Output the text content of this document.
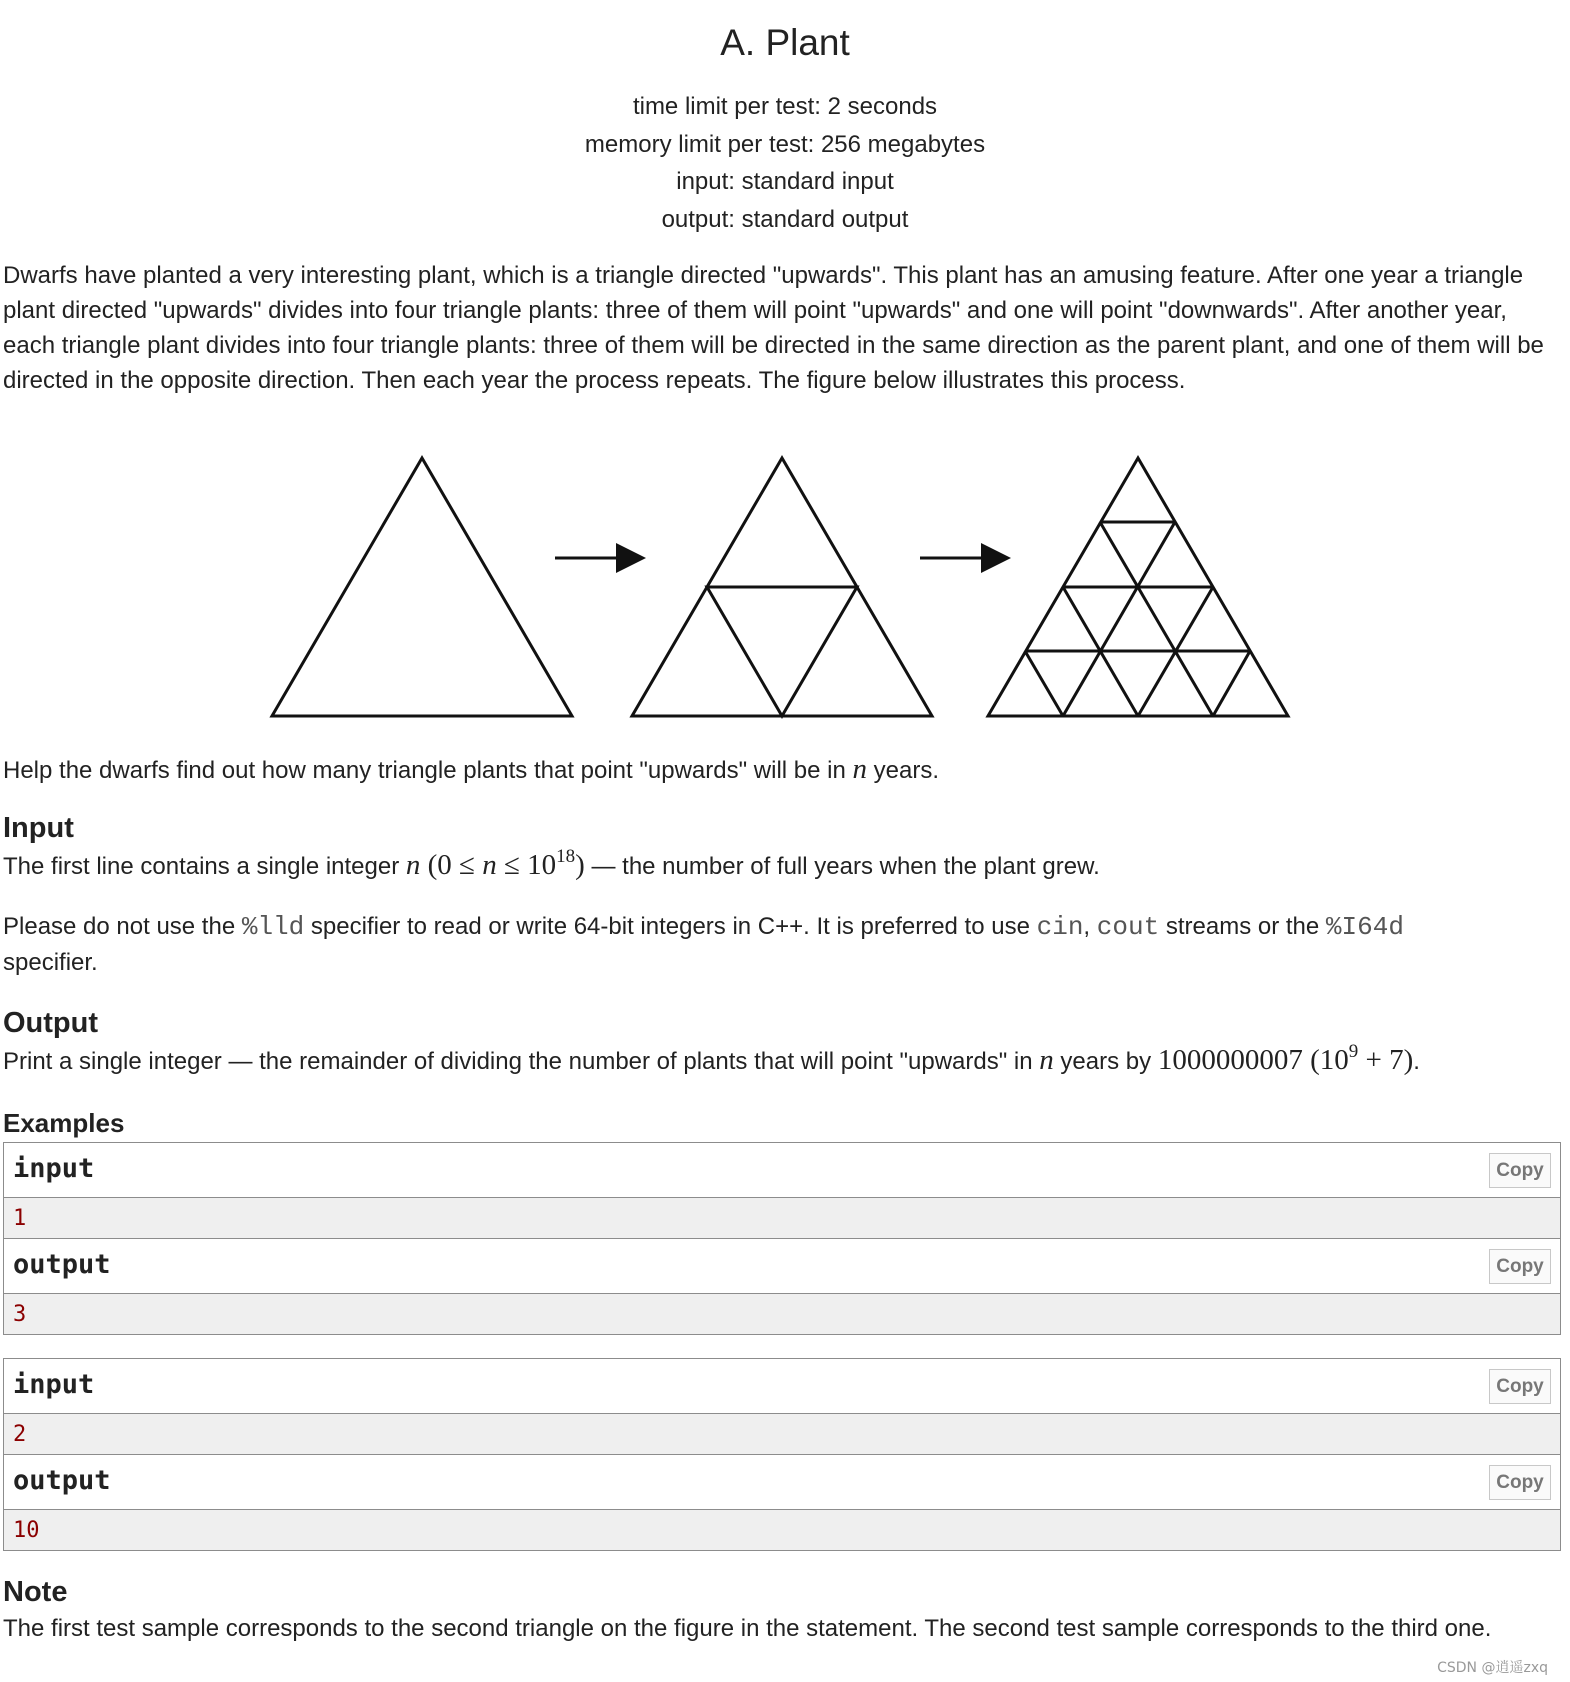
A. Plant
time limit per test: 2 seconds
memory limit per test: 256 megabytes
input: standard input
output: standard output
Dwarfs have planted a very interesting plant, which is a triangle directed "upwards". This plant has an amusing feature. After one year a triangle plant directed "upwards" divides into four triangle plants: three of them will point "upwards" and one will point "downwards". After another year, each triangle plant divides into four triangle plants: three of them will be directed in the same direction as the parent plant, and one of them will be directed in the opposite direction. Then each year the process repeats. The figure below illustrates this process.
Help the dwarfs find out how many triangle plants that point "upwards" will be in n years.
Input
The first line contains a single integer n $(0 \le n \le 10^{18})$ — the number of full years when the plant grew.
Please do not use the %lld specifier to read or write 64-bit integers in C++. It is preferred to use cin, cout streams or the %I64d specifier.
Output
Print a single integer — the remainder of dividing the number of plants that will point "upwards" in n years by 1000000007 $(10^9 + 7)$.
Examples
input	Copy
1
output	Copy
3
input	Copy
2
output	Copy
10
Note
The first test sample corresponds to the second triangle on the figure in the statement. The second test sample corresponds to the third one.
CSDN @逍遥zxq
